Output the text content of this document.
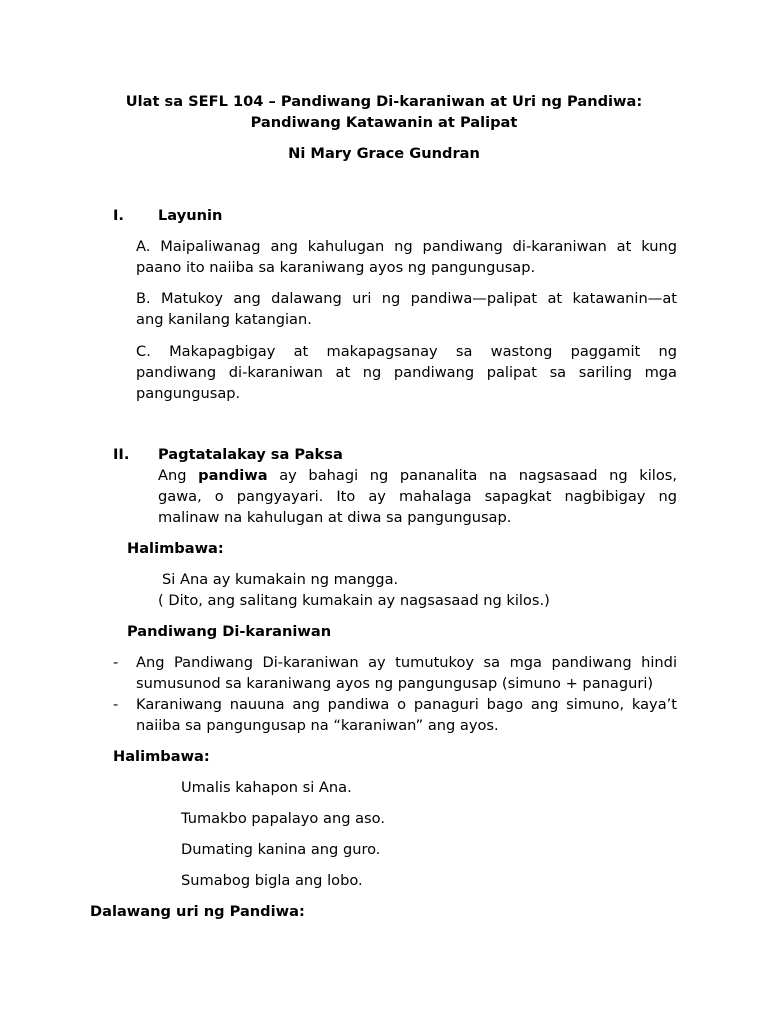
Ulat sa SEFL 104 – Pandiwang Di-karaniwan at Uri ng Pandiwa:
Pandiwang Katawanin at Palipat
Ni Mary Grace Gundran
I. Layunin
A. Maipaliwanag ang kahulugan ng pandiwang di-karaniwan at kung
paano ito naiiba sa karaniwang ayos ng pangungusap.
B. Matukoy ang dalawang uri ng pandiwa—palipat at katawanin—at
ang kanilang katangian.
C. Makapagbigay at makapagsanay sa wastong paggamit ng
pandiwang di-karaniwan at ng pandiwang palipat sa sariling mga
pangungusap.
II. Pagtatalakay sa Paksa
Ang pandiwa ay bahagi ng pananalita na nagsasaad ng kilos,
gawa, o pangyayari. Ito ay mahalaga sapagkat nagbibigay ng
malinaw na kahulugan at diwa sa pangungusap.
Halimbawa:
Si Ana ay kumakain ng mangga.
( Dito, ang salitang kumakain ay nagsasaad ng kilos.)
Pandiwang Di-karaniwan
- Ang Pandiwang Di-karaniwan ay tumutukoy sa mga pandiwang hindi
sumusunod sa karaniwang ayos ng pangungusap (simuno + panaguri)
- Karaniwang nauuna ang pandiwa o panaguri bago ang simuno, kaya’t
naiiba sa pangungusap na “karaniwan” ang ayos.
Halimbawa:
Umalis kahapon si Ana.
Tumakbo papalayo ang aso.
Dumating kanina ang guro.
Sumabog bigla ang lobo.
Dalawang uri ng Pandiwa:
